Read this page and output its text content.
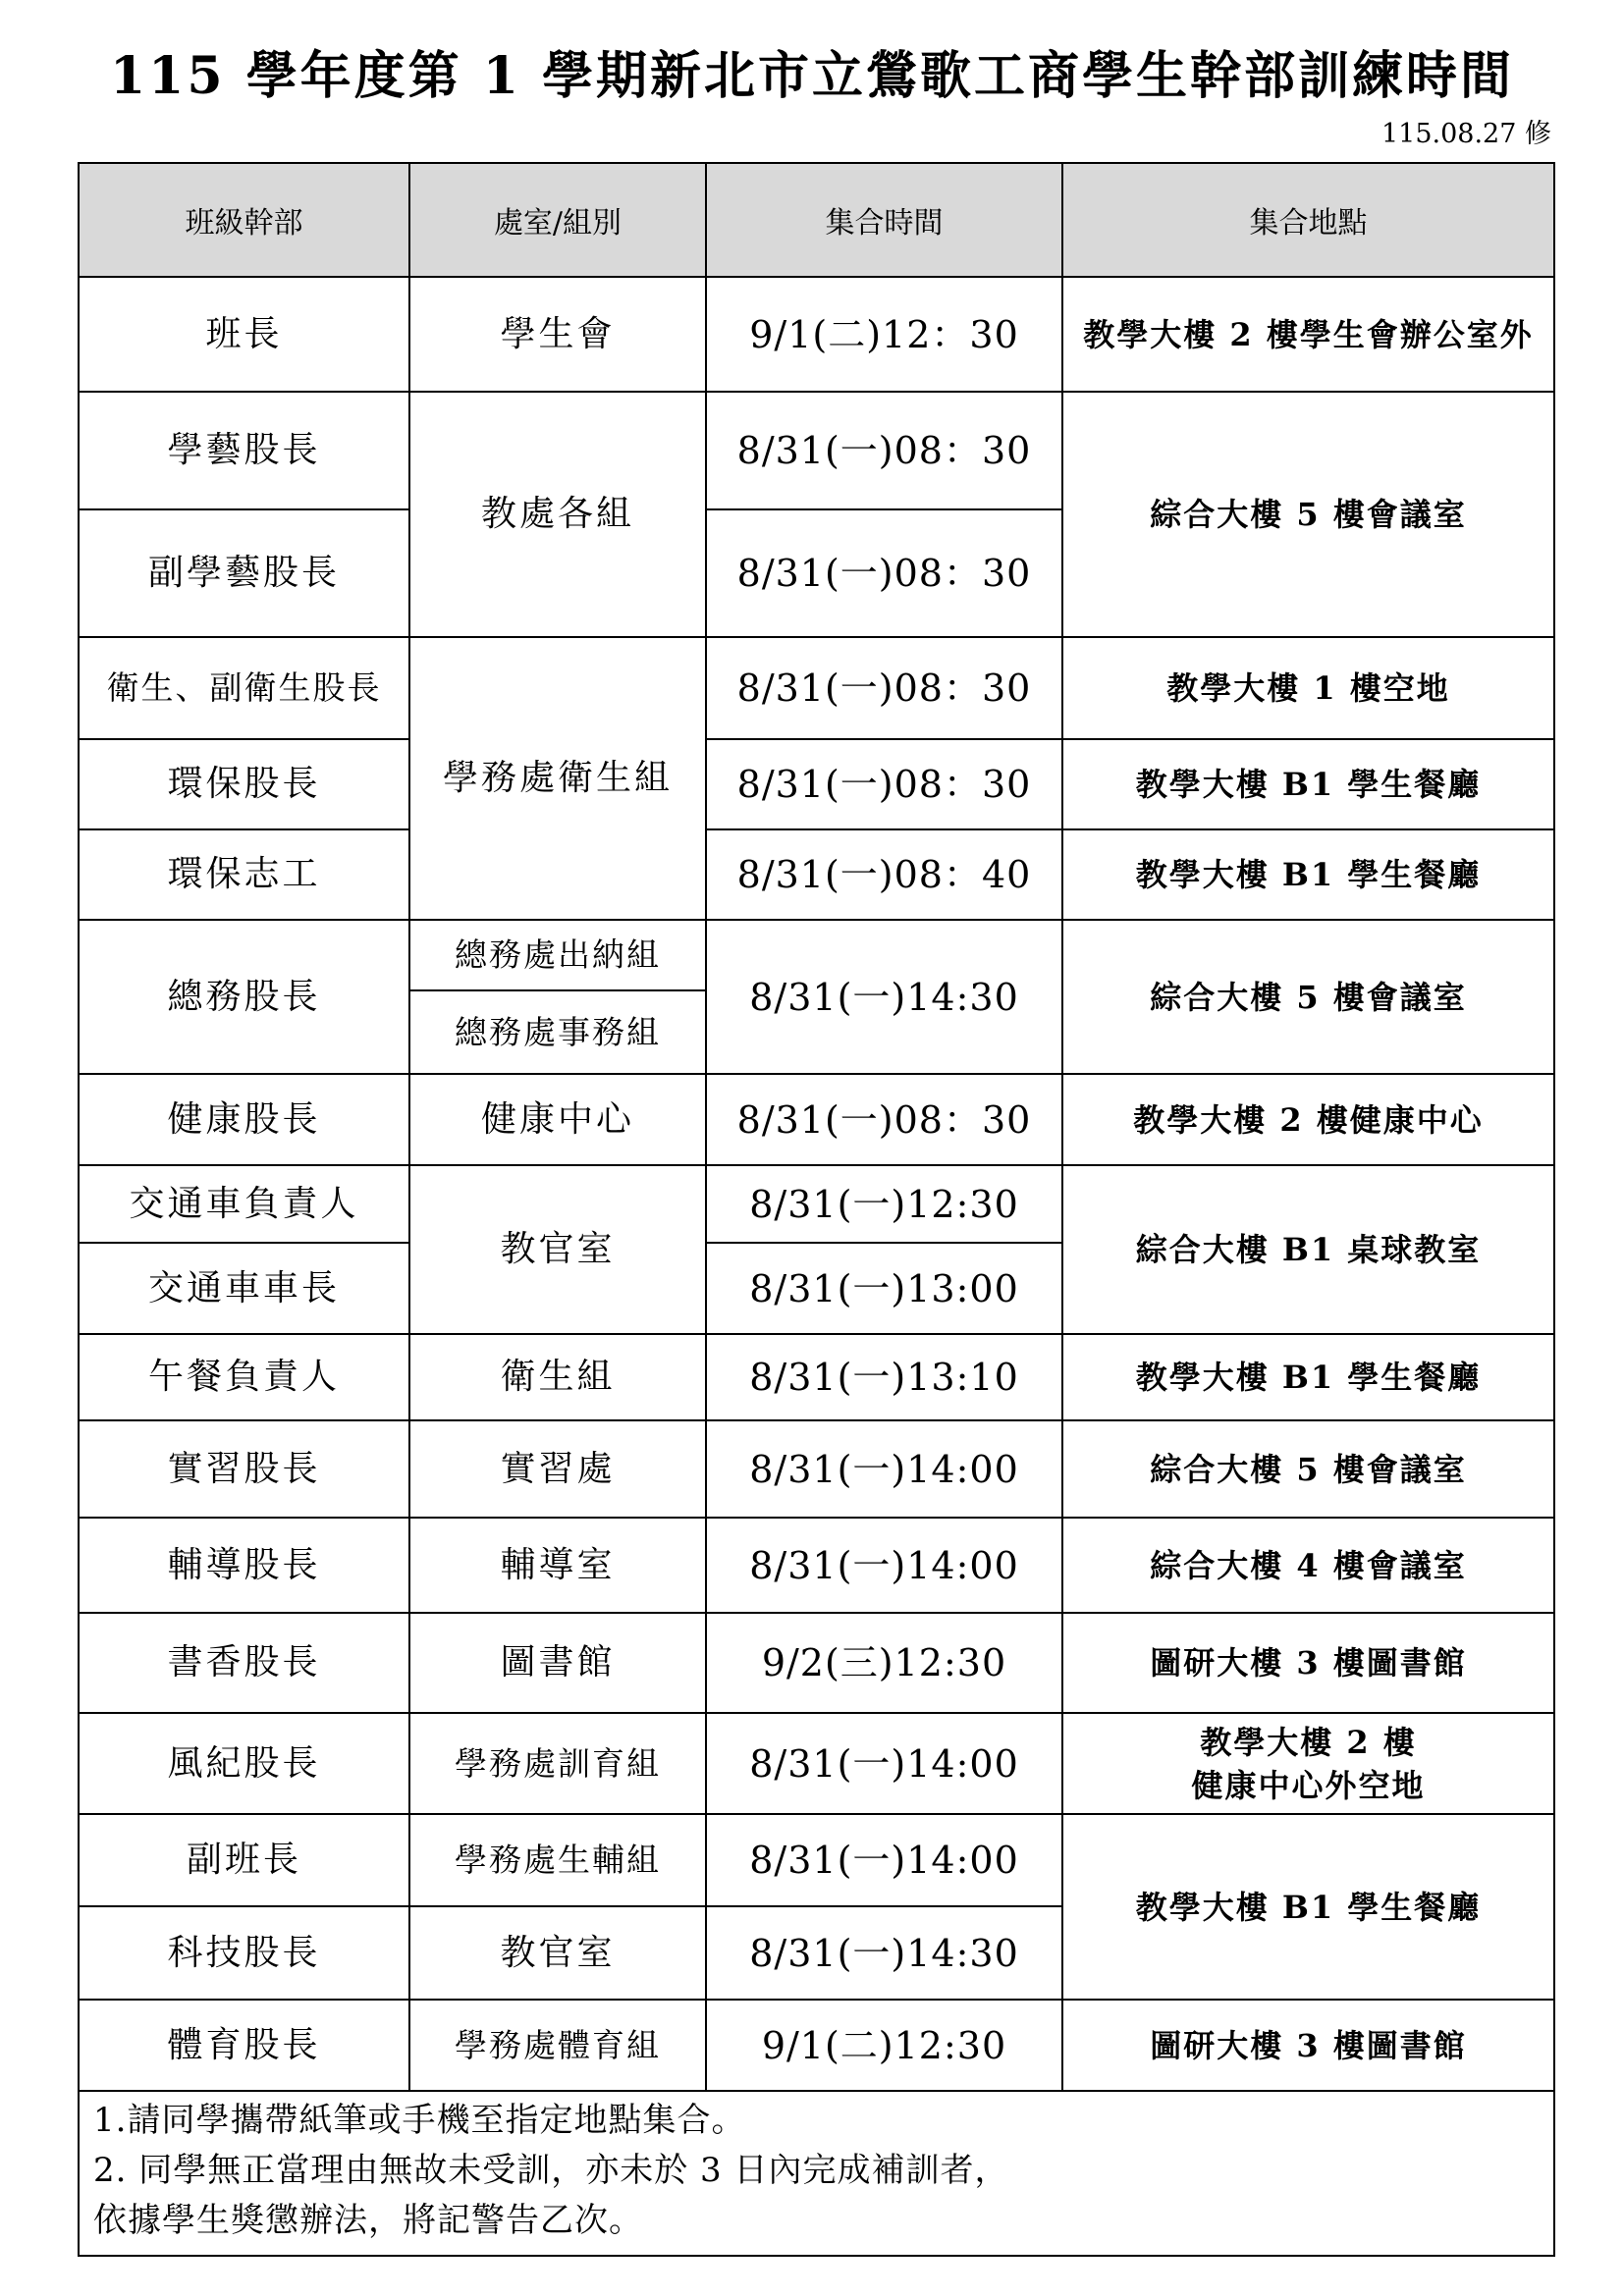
115 學年度第 1 學期新北市立鶯歌工商學生幹部訓練時間
115.08.27 修
班級幹部	處室/組別	集合時間	集合地點
班長	學生會	9/1(二)12：30	教學大樓 2 樓學生會辦公室外
學藝股長	教處各組	8/31(一)08：30	綜合大樓 5 樓會議室
副學藝股長		8/31(一)08：30	
衛生、副衛生股長	學務處衛生組	8/31(一)08：30	教學大樓 1 樓空地
環保股長		8/31(一)08：30	教學大樓 B1 學生餐廳
環保志工		8/31(一)08：40	教學大樓 B1 學生餐廳
總務股長	總務處出納組	8/31(一)14:30	綜合大樓 5 樓會議室
	總務處事務組		
健康股長	健康中心	8/31(一)08：30	教學大樓 2 樓健康中心
交通車負責人	教官室	8/31(一)12:30	綜合大樓 B1 桌球教室
交通車車長		8/31(一)13:00	
午餐負責人	衛生組	8/31(一)13:10	教學大樓 B1 學生餐廳
實習股長	實習處	8/31(一)14:00	綜合大樓 5 樓會議室
輔導股長	輔導室	8/31(一)14:00	綜合大樓 4 樓會議室
書香股長	圖書館	9/2(三)12:30	圖研大樓 3 樓圖書館
風紀股長	學務處訓育組	8/31(一)14:00	教學大樓 2 樓
健康中心外空地

副班長	學務處生輔組	8/31(一)14:00	教學大樓 B1 學生餐廳
科技股長	教官室	8/31(一)14:30	
體育股長	學務處體育組	9/1(二)12:30	圖研大樓 3 樓圖書館

1.請同學攜帶紙筆或手機至指定地點集合。
2. 同學無正當理由無故未受訓，亦未於 3 日內完成補訓者，
依據學生獎懲辦法，將記警告乙次。			
